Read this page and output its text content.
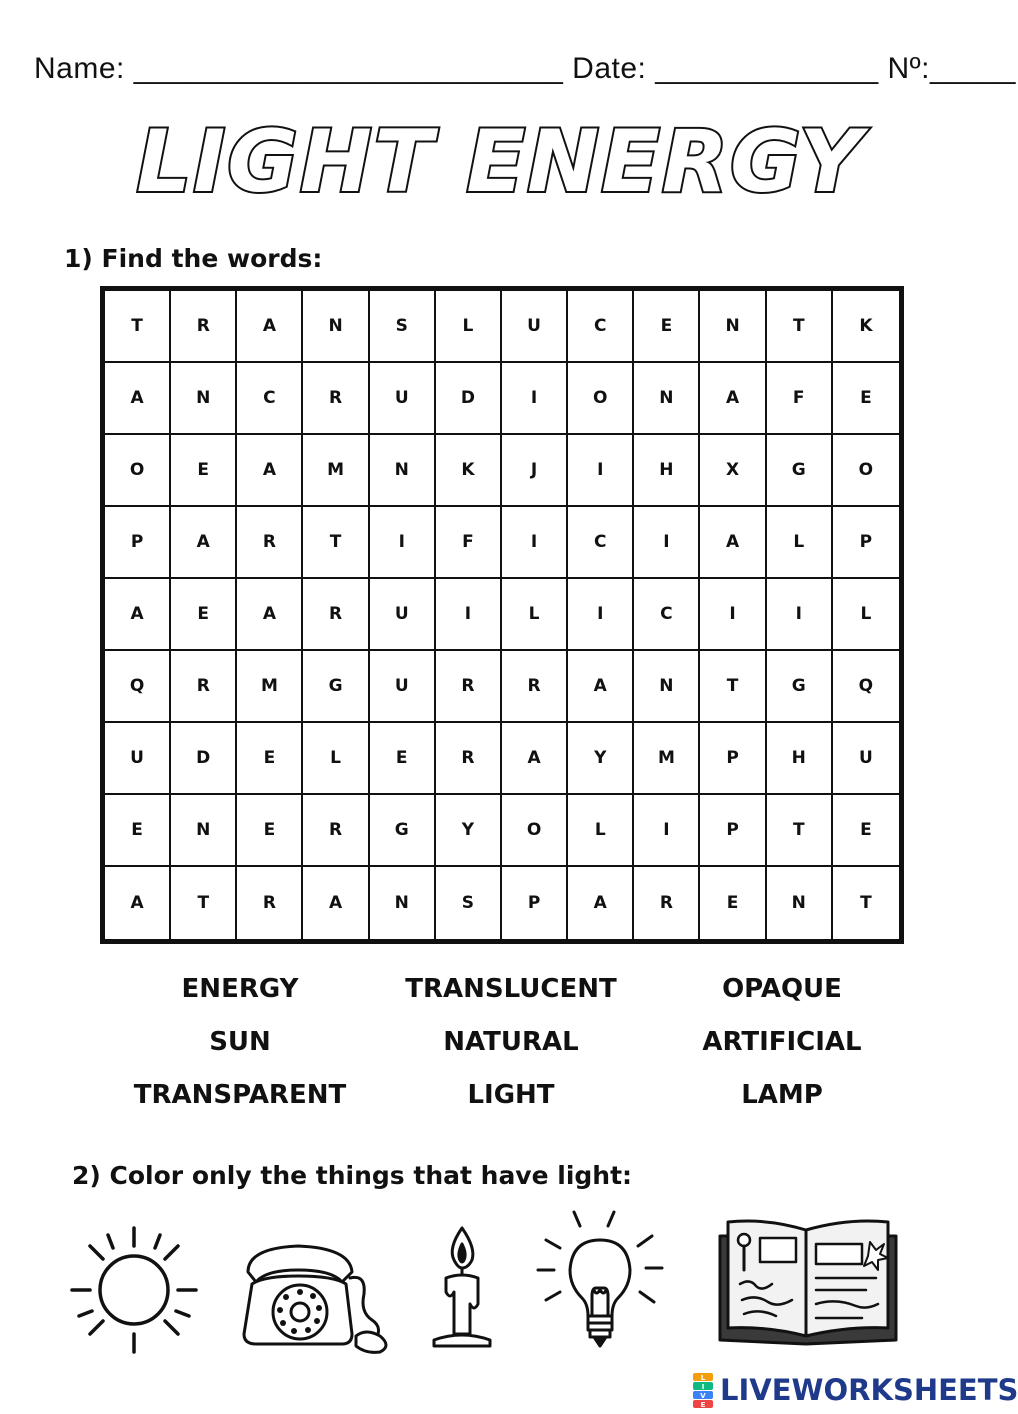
Name: _________________________ Date: _____________ Nº:_____
LIGHT ENERGY
1) Find the words:
T	R	A	N	S	L	U	C	E	N	T	K
A	N	C	R	U	D	I	O	N	A	F	E
O	E	A	M	N	K	J	I	H	X	G	O
P	A	R	T	I	F	I	C	I	A	L	P
A	E	A	R	U	I	L	I	C	I	I	L
Q	R	M	G	U	R	R	A	N	T	G	Q
U	D	E	L	E	R	A	Y	M	P	H	U
E	N	E	R	G	Y	O	L	I	P	T	E
A	T	R	A	N	S	P	A	R	E	N	T
ENERGY	TRANSLUCENT	OPAQUE
SUN	NATURAL	ARTIFICIAL
TRANSPARENT	LIGHT	LAMP
2) Color only the things that have light:
L
I
V
E LIVEWORKSHEETS
